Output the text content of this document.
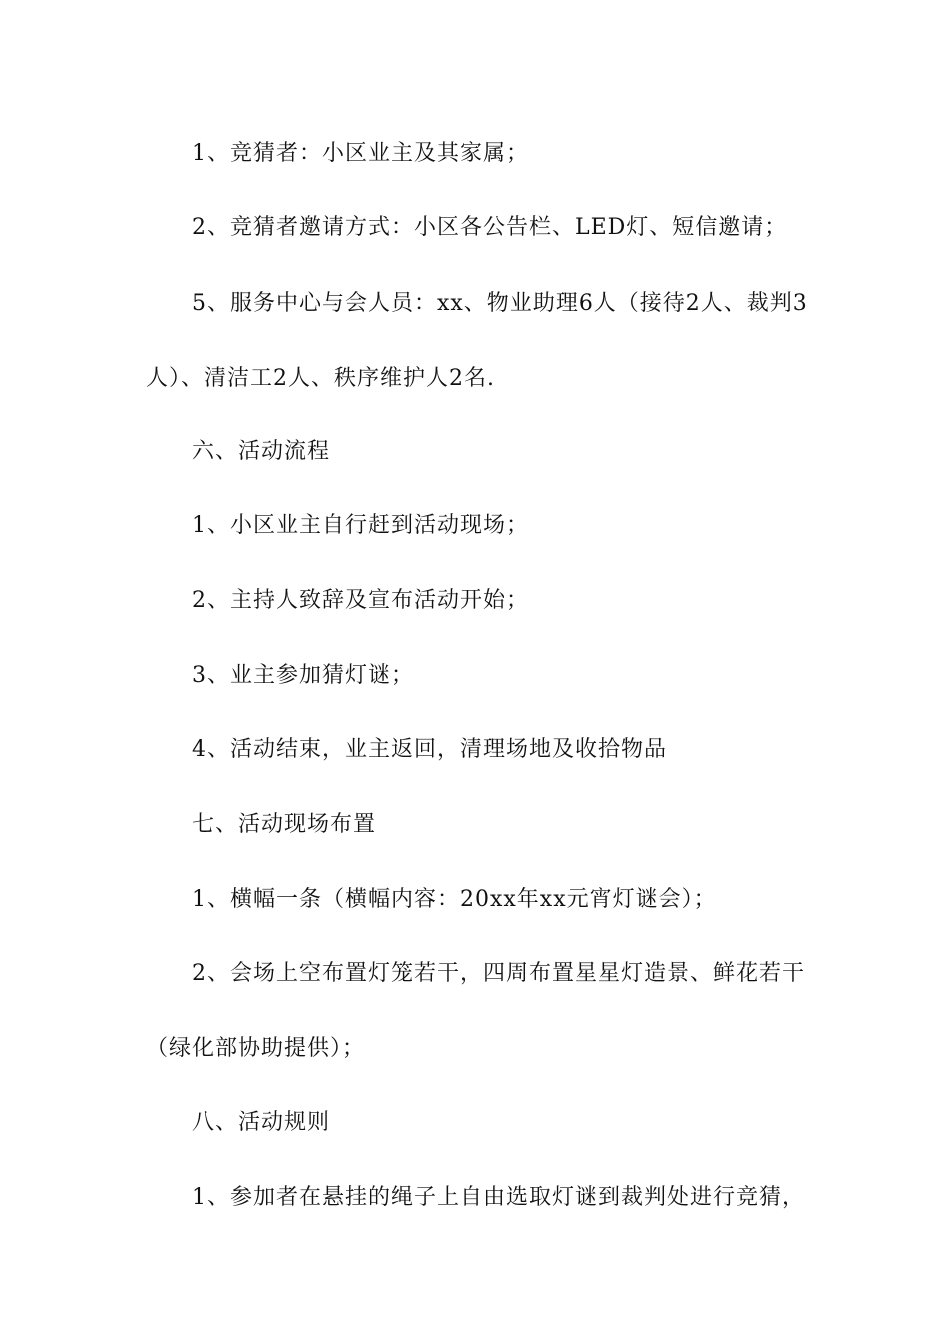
1、竞猜者：小区业主及其家属；

2、竞猜者邀请方式：小区各公告栏、LED灯、短信邀请；

5、服务中心与会人员：xx、物业助理6人（接待2人、裁判3人）、清洁工2人、秩序维护人2名.

六、活动流程

1、小区业主自行赶到活动现场；

2、主持人致辞及宣布活动开始；

3、业主参加猜灯谜；

4、活动结束，业主返回，清理场地及收拾物品

七、活动现场布置

1、横幅一条（横幅内容：20xx年xx元宵灯谜会）；

2、会场上空布置灯笼若干，四周布置星星灯造景、鲜花若干（绿化部协助提供）；

八、活动规则

1、参加者在悬挂的绳子上自由选取灯谜到裁判处进行竞猜，
